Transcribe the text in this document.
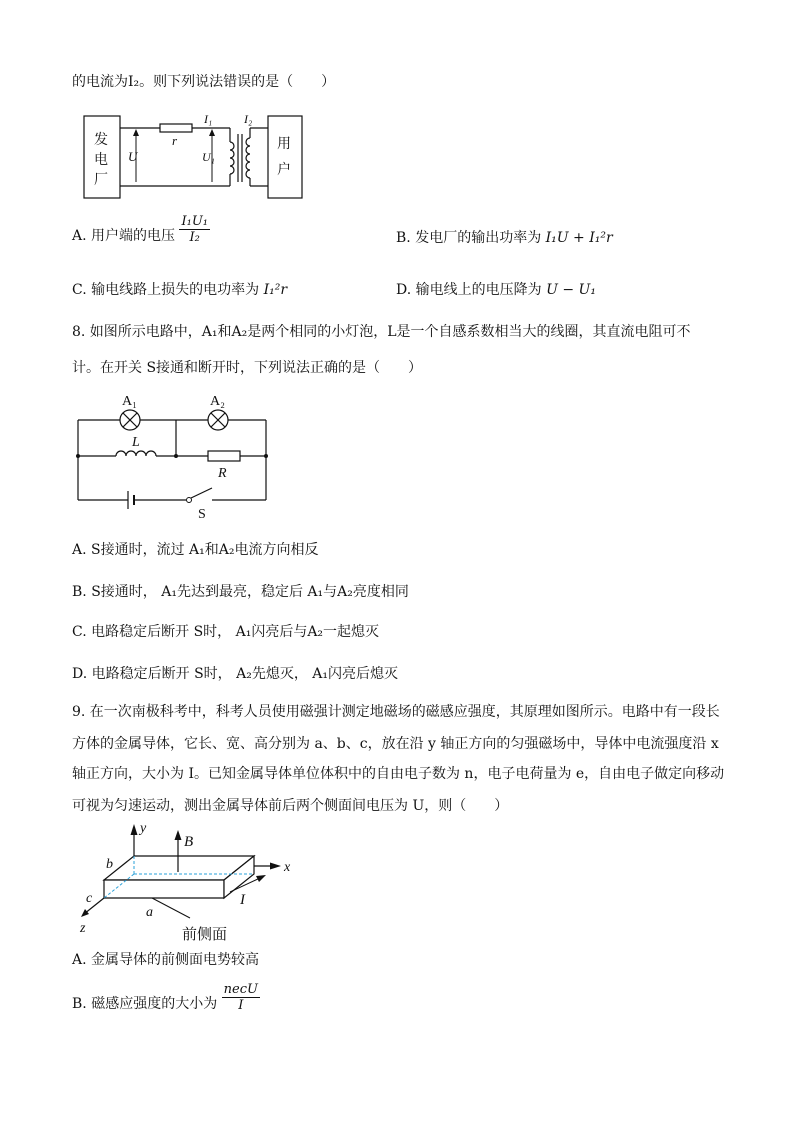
的电流为I₂。则下列说法错误的是（　　）
发
电
厂
r
U	U₁
I₁	I₂
用
户
A. 用户端的电压 $\frac{\text{I₁U₁}}{\text{I₂}}$	B. 发电厂的输出功率为 I₁U + I₁²r
C. 输电线路上损失的电功率为 I₁²r	D. 输电线上的电压降为 U − U₁
8. 如图所示电路中，A₁和A₂是两个相同的小灯泡，L是一个自感系数相当大的线圈，其直流电阻可不
计。在开关 S接通和断开时，下列说法正确的是（　　）
A₁	A₂
L
R
S
A. S接通时，流过 A₁和A₂电流方向相反
B. S接通时， A₁先达到最亮，稳定后 A₁与A₂亮度相同
C. 电路稳定后断开 S时， A₁闪亮后与A₂一起熄灭
D. 电路稳定后断开 S时， A₂先熄灭， A₁闪亮后熄灭
9. 在一次南极科考中，科考人员使用磁强计测定地磁场的磁感应强度，其原理如图所示。电路中有一段长
方体的金属导体，它长、宽、高分别为 a、b、c，放在沿 y 轴正方向的匀强磁场中，导体中电流强度沿 x
轴正方向，大小为 I。已知金属导体单位体积中的自由电子数为 n，电子电荷量为 e，自由电子做定向移动
可视为匀速运动，测出金属导体前后两个侧面间电压为 U，则（　　）
y
x
z
B
I
b
c
a
前侧面
A. 金属导体的前侧面电势较高
B. 磁感应强度的大小为 $\frac{\text{necU}}{I}$
